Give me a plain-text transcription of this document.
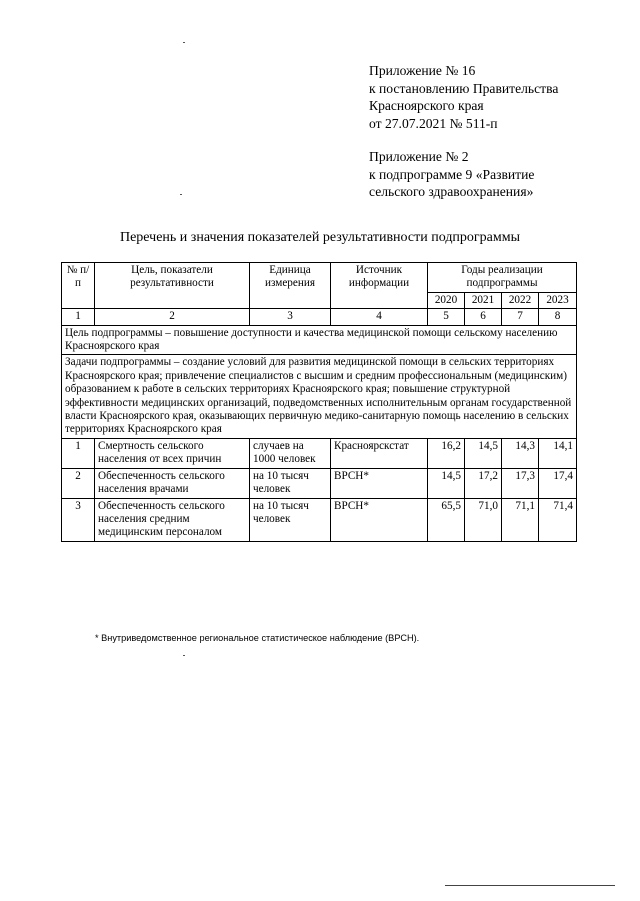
Приложение № 16
к постановлению Правительства
Красноярского края
от 27.07.2021 № 511-п
Приложение № 2
к подпрограмме 9 «Развитие
сельского здравоохранения»
Перечень и значения показателей результативности подпрограммы
№ п/п	Цель, показатели результативности	Единица измерения	Источник информации	Годы реализации подпрограммы			
				2020	2021	2022	2023
1	2	3	4	5	6	7	8
Цель подпрограммы – повышение доступности и качества медицинской помощи сельскому населению Красноярского края							
Задачи подпрограммы – создание условий для развития медицинской помощи в сельских территориях Красноярского края; привлечение специалистов с высшим и средним профессиональным (медицинским) образованием к работе в сельских территориях Красноярского края; повышение структурной эффективности медицинских организаций, подведомственных исполнительным органам государственной власти Красноярского края, оказывающих первичную медико-санитарную помощь населению в сельских территориях Красноярского края							
1	Смертность сельского населения от всех причин	случаев на 1000 человек	Красноярскстат	16,2	14,5	14,3	14,1
2	Обеспеченность сельского населения врачами	на 10 тысяч человек	ВРСН*	14,5	17,2	17,3	17,4
3	Обеспеченность сельского населения средним медицинским персоналом	на 10 тысяч человек	ВРСН*	65,5	71,0	71,1	71,4
* Внутриведомственное региональное статистическое наблюдение (ВРСН).
